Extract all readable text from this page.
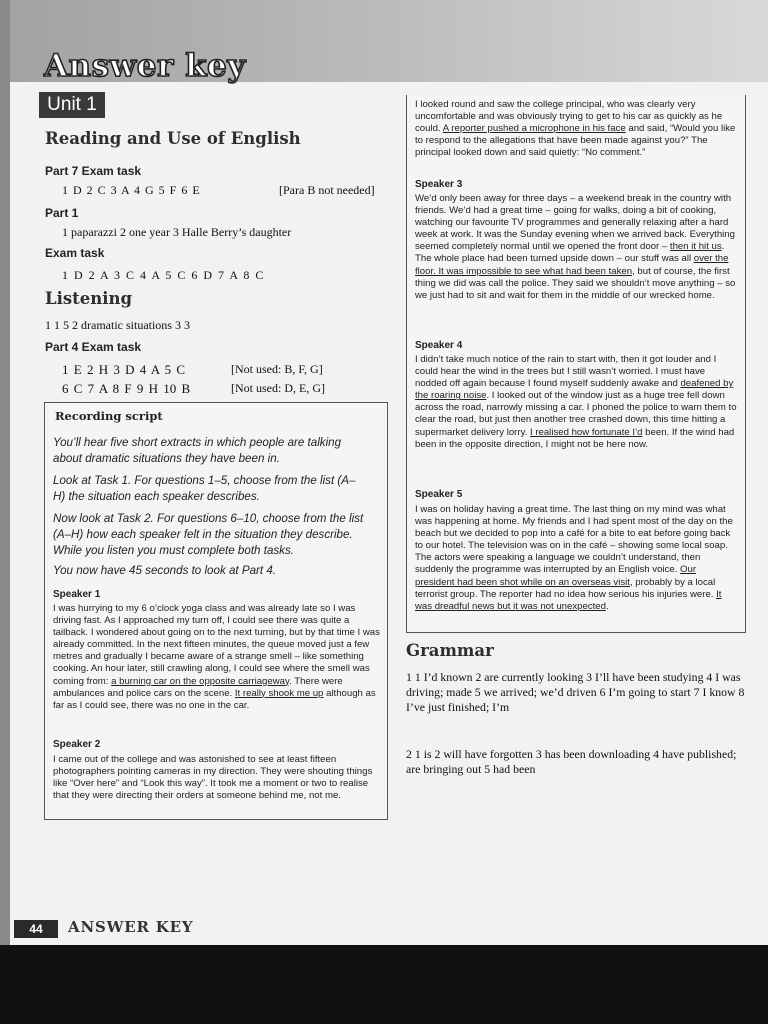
Answer key
Unit 1
Reading and Use of English
Part 7 Exam task
1 D 2 C 3 A 4 G 5 F 6 E	[Para B not needed]
Part 1
1 paparazzi 2 one year 3 Halle Berry’s daughter
Exam task
1 D 2 A 3 C 4 A 5 C 6 D 7 A 8 C
Listening
1 1 5 2 dramatic situations 3 3
Part 4 Exam task
1 E 2 H 3 D 4 A 5 C	[Not used: B, F, G]
6 C 7 A 8 F 9 H 10 B	[Not used: D, E, G]
Recording script
You’ll hear five short extracts in which people are talking about dramatic situations they have been in.
Look at Task 1. For questions 1–5, choose from the list (A–H) the situation each speaker describes.
Now look at Task 2. For questions 6–10, choose from the list (A–H) how each speaker felt in the situation they describe. While you listen you must complete both tasks.
You now have 45 seconds to look at Part 4.
Speaker 1
I was hurrying to my 6 o’clock yoga class and was already late so I was driving fast. As I approached my turn off, I could see there was quite a tailback. I wondered about going on to the next turning, but by that time I was already committed. In the next fifteen minutes, the queue moved just a few metres and gradually I became aware of a strange smell – like something cooking. An hour later, still crawling along, I could see where the smell was coming from: a burning car on the opposite carriageway. There were ambulances and police cars on the scene. It really shook me up although as far as I could see, there was no one in the car.
Speaker 2
I came out of the college and was astonished to see at least fifteen photographers pointing cameras in my direction. They were shouting things like “Over here” and “Look this way”. It took me a moment or two to realise that they were directing their orders at someone behind me, not me.
I looked round and saw the college principal, who was clearly very uncomfortable and was obviously trying to get to his car as quickly as he could. A reporter pushed a microphone in his face and said, “Would you like to respond to the allegations that have been made against you?” The principal looked down and said quietly: “No comment.”
Speaker 3
We’d only been away for three days – a weekend break in the country with friends. We’d had a great time – going for walks, doing a bit of cooking, watching our favourite TV programmes and generally relaxing after a hard week at work. It was the Sunday evening when we arrived back. Everything seemed completely normal until we opened the front door – then it hit us. The whole place had been turned upside down – our stuff was all over the floor. It was impossible to see what had been taken, but of course, the first thing we did was call the police. They said we shouldn’t move anything – so we just had to sit and wait for them in the middle of our wrecked home.
Speaker 4
I didn’t take much notice of the rain to start with, then it got louder and I could hear the wind in the trees but I still wasn’t worried. I must have nodded off again because I found myself suddenly awake and deafened by the roaring noise. I looked out of the window just as a huge tree fell down across the road, narrowly missing a car. I phoned the police to warn them to clear the road, but just then another tree crashed down, this time hitting a supermarket delivery lorry. I realised how fortunate I’d been. If the wind had been in the opposite direction, I might not be here now.
Speaker 5
I was on holiday having a great time. The last thing on my mind was what was happening at home. My friends and I had spent most of the day on the beach but we decided to pop into a café for a bite to eat before going back to our hotel. The television was on in the café – showing some local soap. The actors were speaking a language we couldn’t understand, then suddenly the programme was interrupted by an English voice. Our president had been shot while on an overseas visit, probably by a local terrorist group. The reporter had no idea how serious his injuries were. It was dreadful news but it was not unexpected.
Grammar
1 1 I’d known 2 are currently looking 3 I’ll have been studying 4 I was driving; made 5 we arrived; we’d driven 6 I’m going to start 7 I know 8 I’ve just finished; I’m
2 1 is 2 will have forgotten 3 has been downloading 4 have published; are bringing out 5 had been
44	ANSWER KEY
